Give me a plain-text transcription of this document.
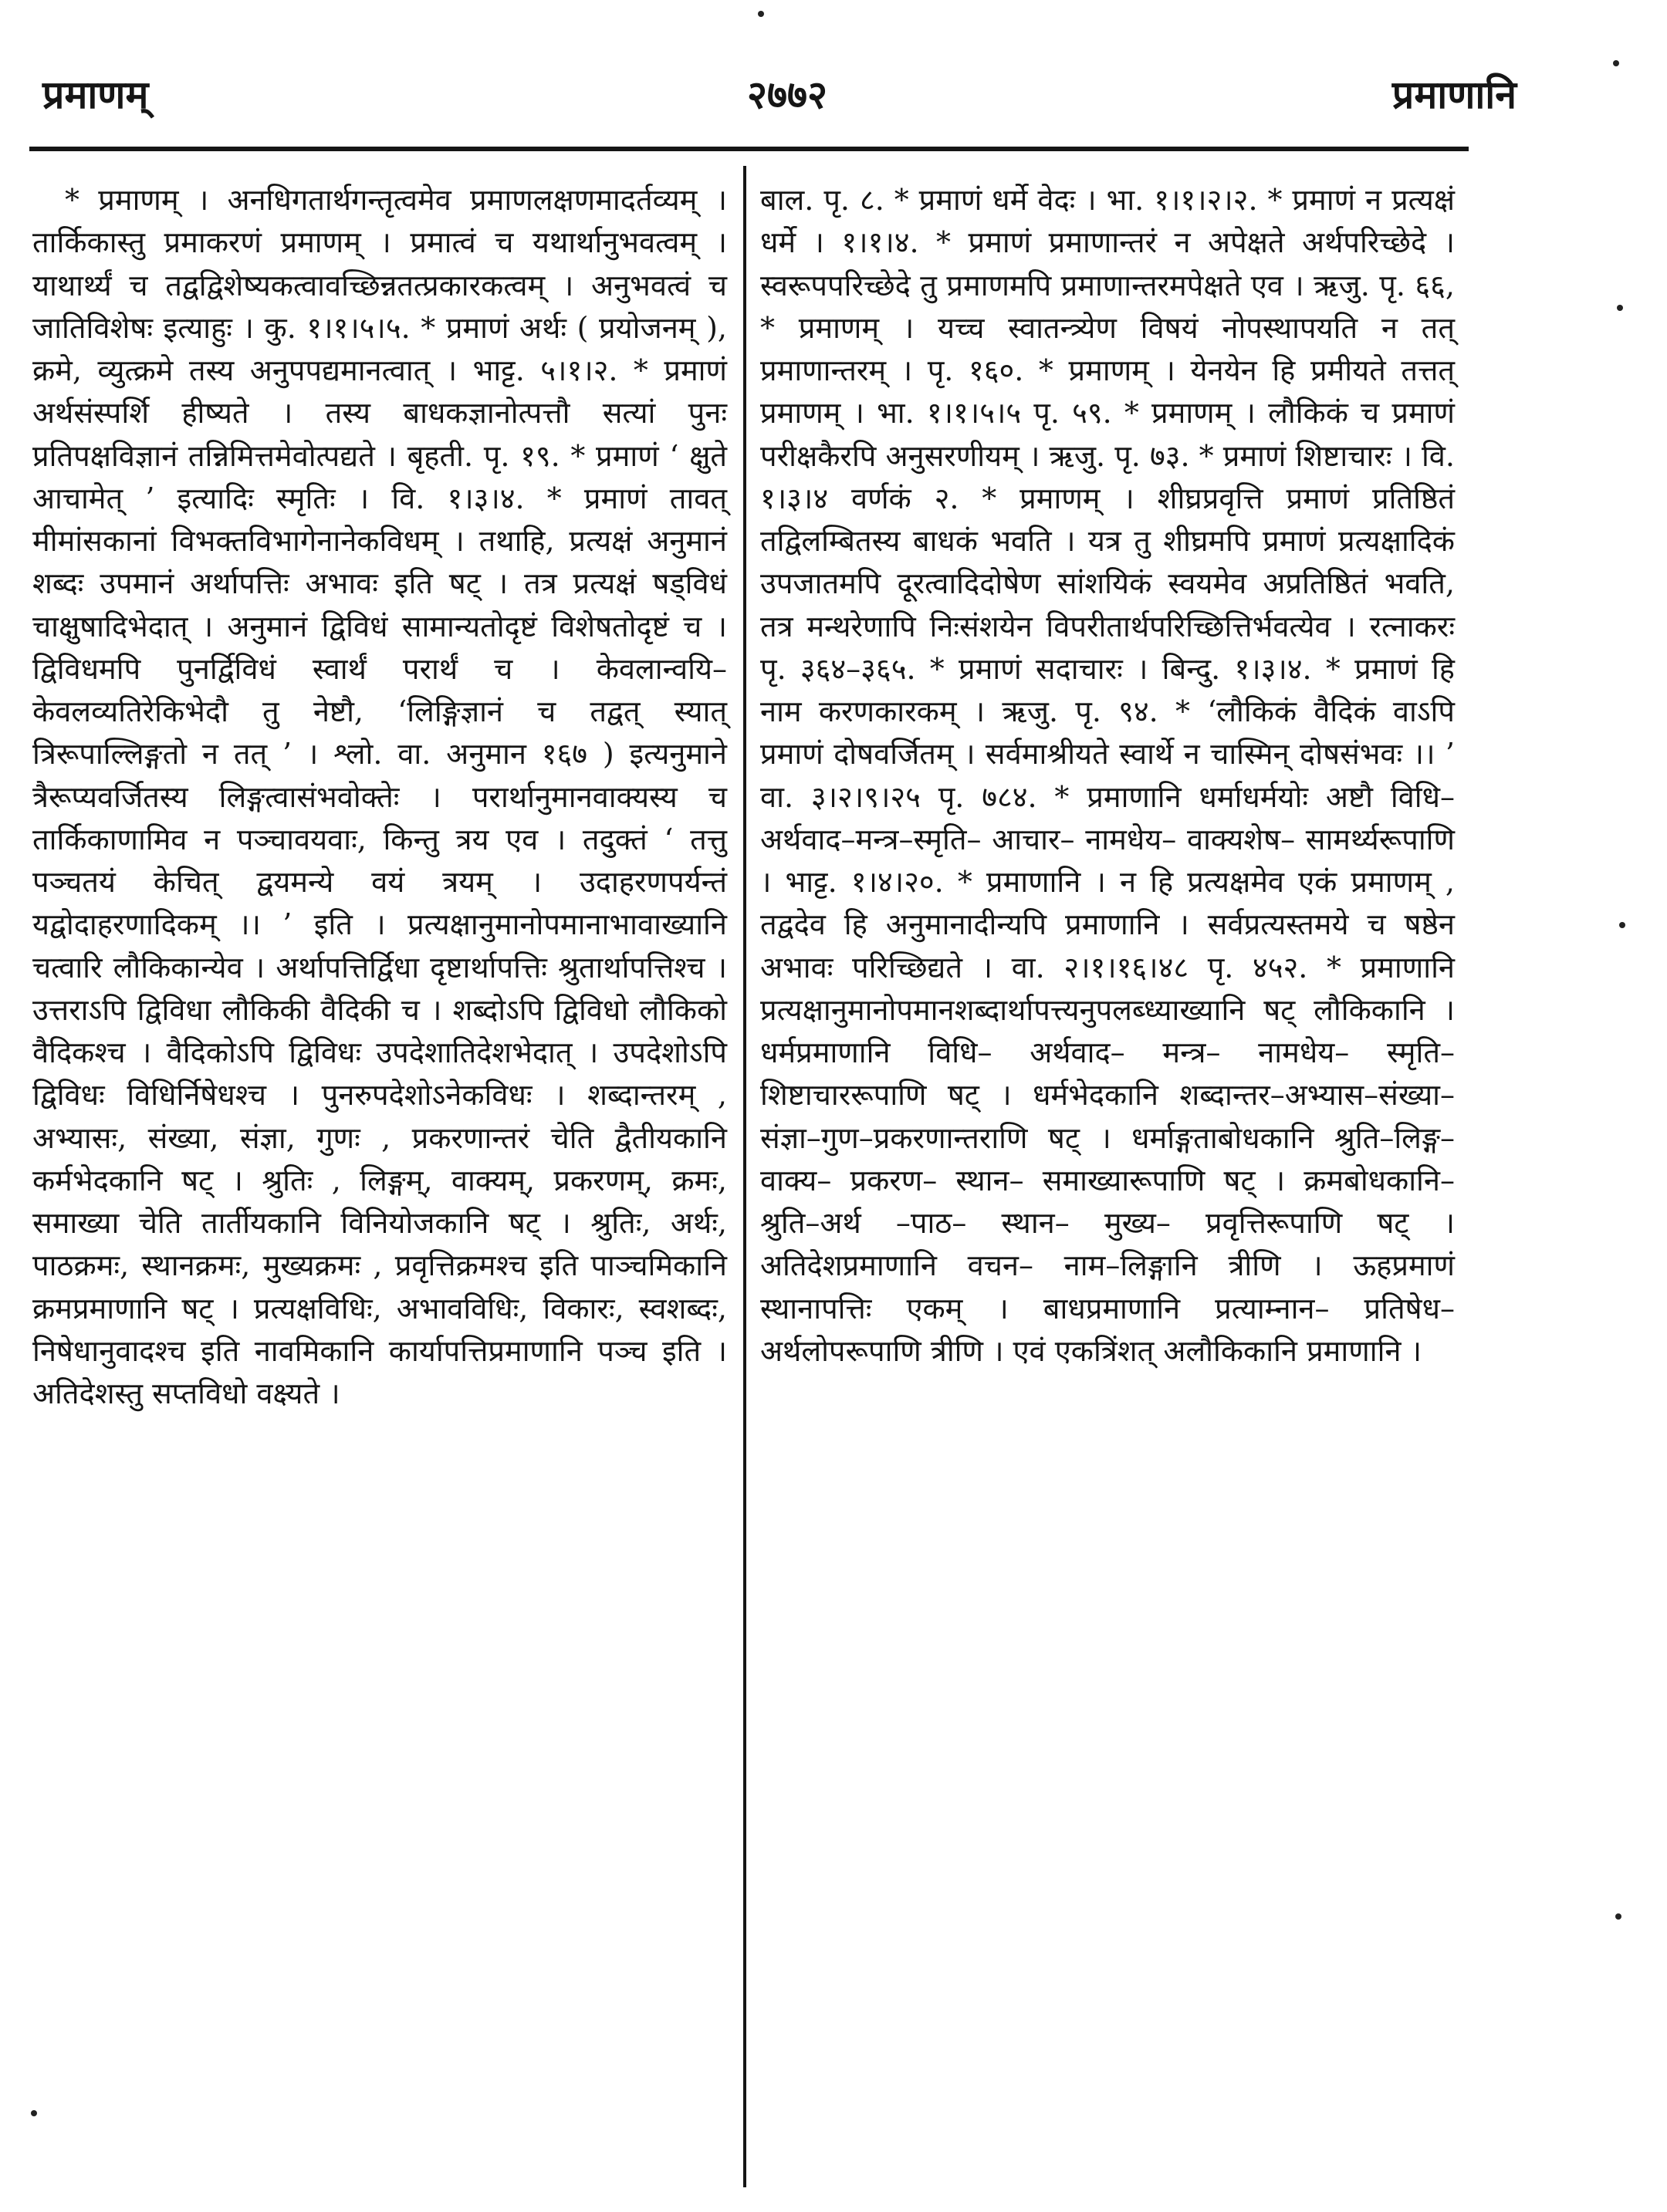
प्रमाणम्	२७७२	प्रमाणानि
* प्रमाणम् । अनधिगतार्थगन्तृत्वमेव प्रमाणलक्षणमादर्तव्यम् । तार्किकास्तु प्रमाकरणं प्रमाणम् । प्रमात्वं च यथार्थानुभवत्वम् । याथार्थ्यं च तद्वद्विशेष्यकत्वावच्छिन्नतत्प्रकारकत्वम् । अनुभवत्वं च जातिविशेषः इत्याहुः । कु. १।१।५।५. * प्रमाणं अर्थः ( प्रयोजनम् ), क्रमे, व्युत्क्रमे तस्य अनुपपद्यमानत्वात् । भाट्ट. ५।१।२. * प्रमाणं अर्थसंस्पर्शि हीष्यते । तस्य बाधकज्ञानोत्पत्तौ सत्यां पुनः प्रतिपक्षविज्ञानं तन्निमित्तमेवोत्पद्यते । बृहती. पृ. १९. * प्रमाणं ‘ क्षुते आचामेत् ’ इत्यादिः स्मृतिः । वि. १।३।४. * प्रमाणं तावत् मीमांसकानां विभक्तविभागेनानेकविधम् । तथाहि, प्रत्यक्षं अनुमानं शब्दः उपमानं अर्थापत्तिः अभावः इति षट् । तत्र प्रत्यक्षं षड्विधं चाक्षुषादिभेदात् । अनुमानं द्विविधं सामान्यतोदृष्टं विशेषतोदृष्टं च । द्विविधमपि पुनर्द्विविधं स्वार्थं परार्थं च । केवलान्वयि–केवलव्यतिरेकिभेदौ तु नेष्टौ, ‘लिङ्गिज्ञानं च तद्वत् स्यात् त्रिरूपाल्लिङ्गतो न तत् ’ । श्लो. वा. अनुमान १६७ ) इत्यनुमाने त्रैरूप्यवर्जितस्य लिङ्गत्वासंभवोक्तेः । परार्थानुमानवाक्यस्य च तार्किकाणामिव न पञ्चावयवाः, किन्तु त्रय एव । तदुक्तं ‘ तत्तु पञ्चतयं केचित् द्वयमन्ये वयं त्रयम् । उदाहरणपर्यन्तं यद्वोदाहरणादिकम् ।। ’ इति । प्रत्यक्षानुमानोपमानाभावाख्यानि चत्वारि लौकिकान्येव । अर्थापत्तिर्द्विधा दृष्टार्थापत्तिः श्रुतार्थापत्तिश्च । उत्तराऽपि द्विविधा लौकिकी वैदिकी च । शब्दोऽपि द्विविधो लौकिको वैदिकश्च । वैदिकोऽपि द्विविधः उपदेशातिदेशभेदात् । उपदेशोऽपि द्विविधः विधिर्निषेधश्च । पुनरुपदेशोऽनेकविधः । शब्दान्तरम् , अभ्यासः, संख्या, संज्ञा, गुणः , प्रकरणान्तरं चेति द्वैतीयकानि कर्मभेदकानि षट् । श्रुतिः , लिङ्गम्, वाक्यम्, प्रकरणम्, क्रमः, समाख्या चेति तार्तीयकानि विनियोजकानि षट् । श्रुतिः, अर्थः, पाठक्रमः, स्थानक्रमः, मुख्यक्रमः , प्रवृत्तिक्रमश्च इति पाञ्चमिकानि क्रमप्रमाणानि षट् । प्रत्यक्षविधिः, अभावविधिः, विकारः, स्वशब्दः, निषेधानुवादश्च इति नावमिकानि कार्यापत्तिप्रमाणानि पञ्च इति । अतिदेशस्तु सप्तविधो वक्ष्यते ।
बाल. पृ. ८. * प्रमाणं धर्मे वेदः । भा. १।१।२।२. * प्रमाणं न प्रत्यक्षं धर्मे । १।१।४. * प्रमाणं प्रमाणान्तरं न अपेक्षते अर्थपरिच्छेदे । स्वरूपपरिच्छेदे तु प्रमाणमपि प्रमाणान्तरमपेक्षते एव । ऋजु. पृ. ६६, * प्रमाणम् । यच्च स्वातन्त्र्येण विषयं नोपस्थापयति न तत् प्रमाणान्तरम् । पृ. १६०. * प्रमाणम् । येनयेन हि प्रमीयते तत्तत् प्रमाणम् । भा. १।१।५।५ पृ. ५९. * प्रमाणम् । लौकिकं च प्रमाणं परीक्षकैरपि अनुसरणीयम् । ऋजु. पृ. ७३. * प्रमाणं शिष्टाचारः । वि. १।३।४ वर्णकं २. * प्रमाणम् । शीघ्रप्रवृत्ति प्रमाणं प्रतिष्ठितं तद्विलम्बितस्य बाधकं भवति । यत्र तु शीघ्रमपि प्रमाणं प्रत्यक्षादिकं उपजातमपि दूरत्वादिदोषेण सांशयिकं स्वयमेव अप्रतिष्ठितं भवति, तत्र मन्थरेणापि निःसंशयेन विपरीतार्थपरिच्छित्तिर्भवत्येव । रत्नाकरः पृ. ३६४–३६५. * प्रमाणं सदाचारः । बिन्दु. १।३।४. * प्रमाणं हि नाम करणकारकम् । ऋजु. पृ. ९४. * ‘लौकिकं वैदिकं वाऽपि प्रमाणं दोषवर्जितम् । सर्वमाश्रीयते स्वार्थे न चास्मिन् दोषसंभवः ।। ’ वा. ३।२।९।२५ पृ. ७८४. * प्रमाणानि धर्माधर्मयोः अष्टौ विधि–अर्थवाद–मन्त्र–स्मृति– आचार– नामधेय– वाक्यशेष– सामर्थ्यरूपाणि । भाट्ट. १।४।२०. * प्रमाणानि । न हि प्रत्यक्षमेव एकं प्रमाणम् , तद्वदेव हि अनुमानादीन्यपि प्रमाणानि । सर्वप्रत्यस्तमये च षष्ठेन अभावः परिच्छिद्यते । वा. २।१।१६।४८ पृ. ४५२. * प्रमाणानि प्रत्यक्षानुमानोपमानशब्दार्थापत्त्यनुपलब्ध्याख्यानि षट् लौकिकानि । धर्मप्रमाणानि विधि– अर्थवाद– मन्त्र– नामधेय– स्मृति– शिष्टाचाररूपाणि षट् । धर्मभेदकानि शब्दान्तर–अभ्यास–संख्या–संज्ञा–गुण–प्रकरणान्तराणि षट् । धर्माङ्गताबोधकानि श्रुति–लिङ्ग– वाक्य– प्रकरण– स्थान– समाख्यारूपाणि षट् । क्रमबोधकानि–श्रुति–अर्थ –पाठ– स्थान– मुख्य– प्रवृत्तिरूपाणि षट् । अतिदेशप्रमाणानि वचन– नाम–लिङ्गानि त्रीणि । ऊहप्रमाणं स्थानापत्तिः एकम् । बाधप्रमाणानि प्रत्याम्नान– प्रतिषेध– अर्थलोपरूपाणि त्रीणि । एवं एकत्रिंशत् अलौकिकानि प्रमाणानि ।
